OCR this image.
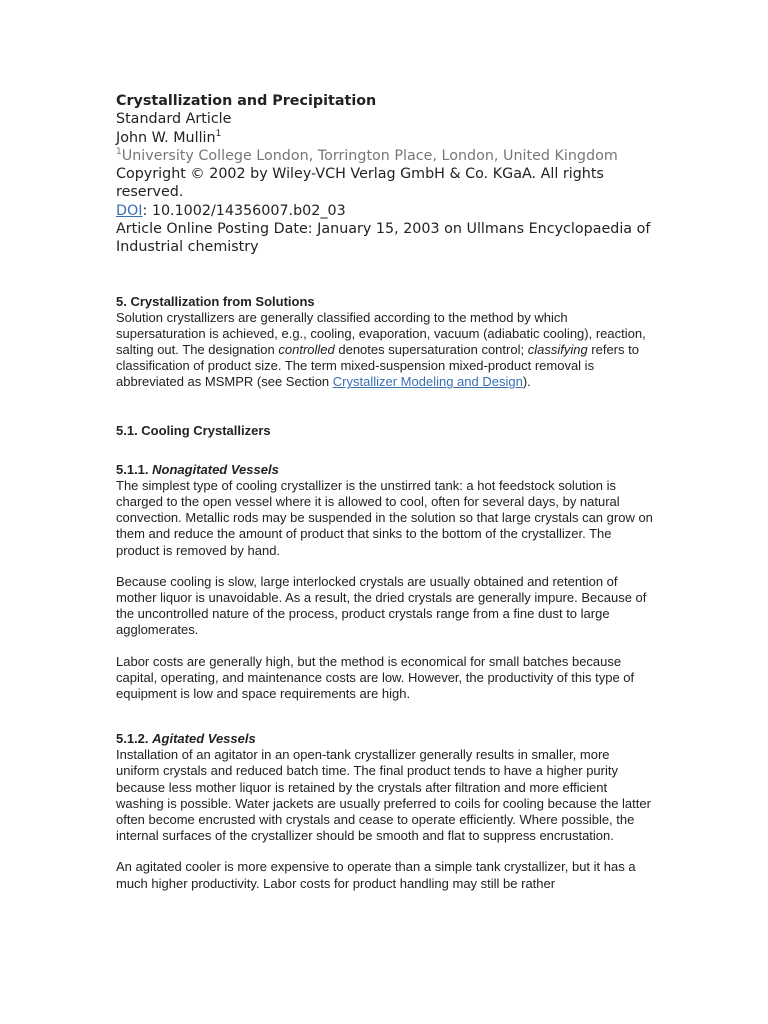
Crystallization and Precipitation

Standard Article

John W. Mullin$^1$

$^1$University College London, Torrington Place, London, United Kingdom

Copyright © 2002 by Wiley-VCH Verlag GmbH & Co. KGaA. All rights reserved.

DOI: 10.1002/14356007.b02_03

Article Online Posting Date: January 15, 2003 on Ullmans Encyclopaedia of Industrial chemistry

5. Crystallization from Solutions

Solution crystallizers are generally classified according to the method by which supersaturation is achieved, e.g., cooling, evaporation, vacuum (adiabatic cooling), reaction, salting out. The designation controlled denotes supersaturation control; classifying refers to classification of product size. The term mixed-suspension mixed-product removal is abbreviated as MSMPR (see Section Crystallizer Modeling and Design).

5.1. Cooling Crystallizers
5.1.1. Nonagitated Vessels

The simplest type of cooling crystallizer is the unstirred tank: a hot feedstock solution is charged to the open vessel where it is allowed to cool, often for several days, by natural convection. Metallic rods may be suspended in the solution so that large crystals can grow on them and reduce the amount of product that sinks to the bottom of the crystallizer. The product is removed by hand.

Because cooling is slow, large interlocked crystals are usually obtained and retention of mother liquor is unavoidable. As a result, the dried crystals are generally impure. Because of the uncontrolled nature of the process, product crystals range from a fine dust to large agglomerates.

Labor costs are generally high, but the method is economical for small batches because capital, operating, and maintenance costs are low. However, the productivity of this type of equipment is low and space requirements are high.

5.1.2. Agitated Vessels

Installation of an agitator in an open-tank crystallizer generally results in smaller, more uniform crystals and reduced batch time. The final product tends to have a higher purity because less mother liquor is retained by the crystals after filtration and more efficient washing is possible. Water jackets are usually preferred to coils for cooling because the latter often become encrusted with crystals and cease to operate efficiently. Where possible, the internal surfaces of the crystallizer should be smooth and flat to suppress encrustation.

An agitated cooler is more expensive to operate than a simple tank crystallizer, but it has a much higher productivity. Labor costs for product handling may still be rather
